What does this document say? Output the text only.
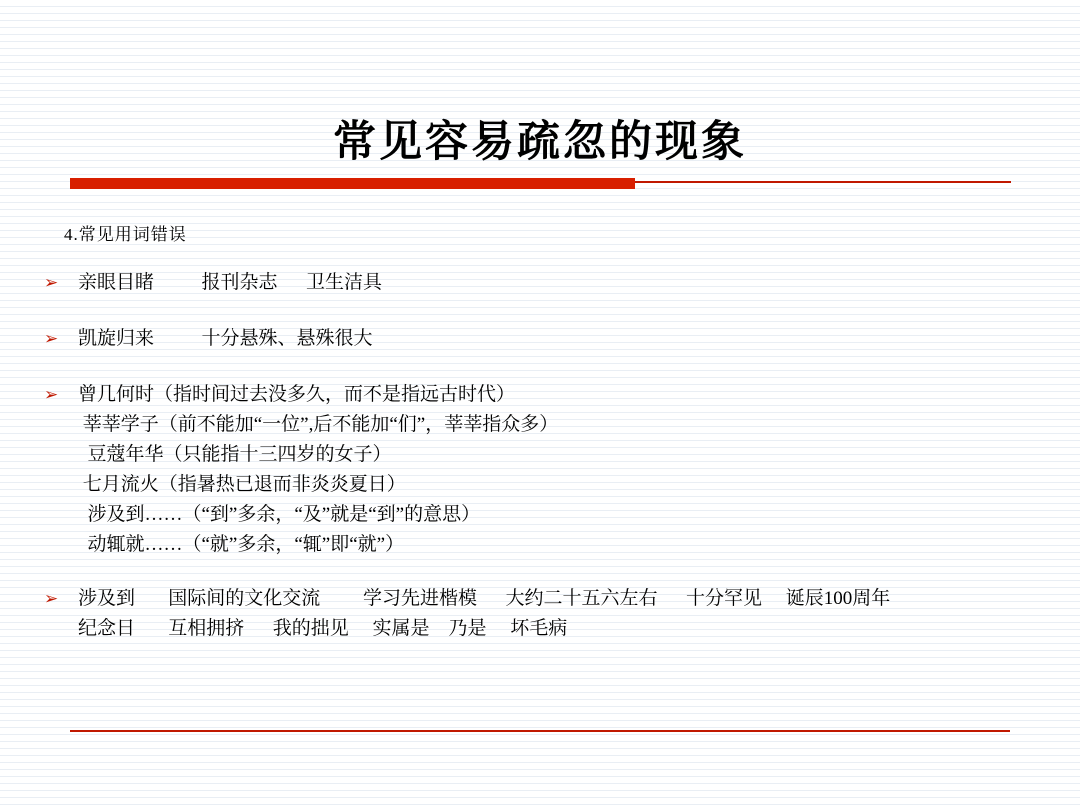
常见容易疏忽的现象
4.常见用词错误
➢	亲眼目睹          报刊杂志      卫生洁具
➢	凯旋归来          十分悬殊、悬殊很大
➢	曾几何时（指时间过去没多久，而不是指远古时代）
莘莘学子（前不能加“一位”,后不能加“们”，莘莘指众多）
豆蔻年华（只能指十三四岁的女子）
七月流火（指暑热已退而非炎炎夏日）
涉及到……（“到”多余，“及”就是“到”的意思）
动辄就……（“就”多余，“辄”即“就”）
➢	涉及到       国际间的文化交流         学习先进楷模      大约二十五六左右      十分罕见     诞辰100周年
纪念日       互相拥挤      我的拙见     实属是    乃是     坏毛病
